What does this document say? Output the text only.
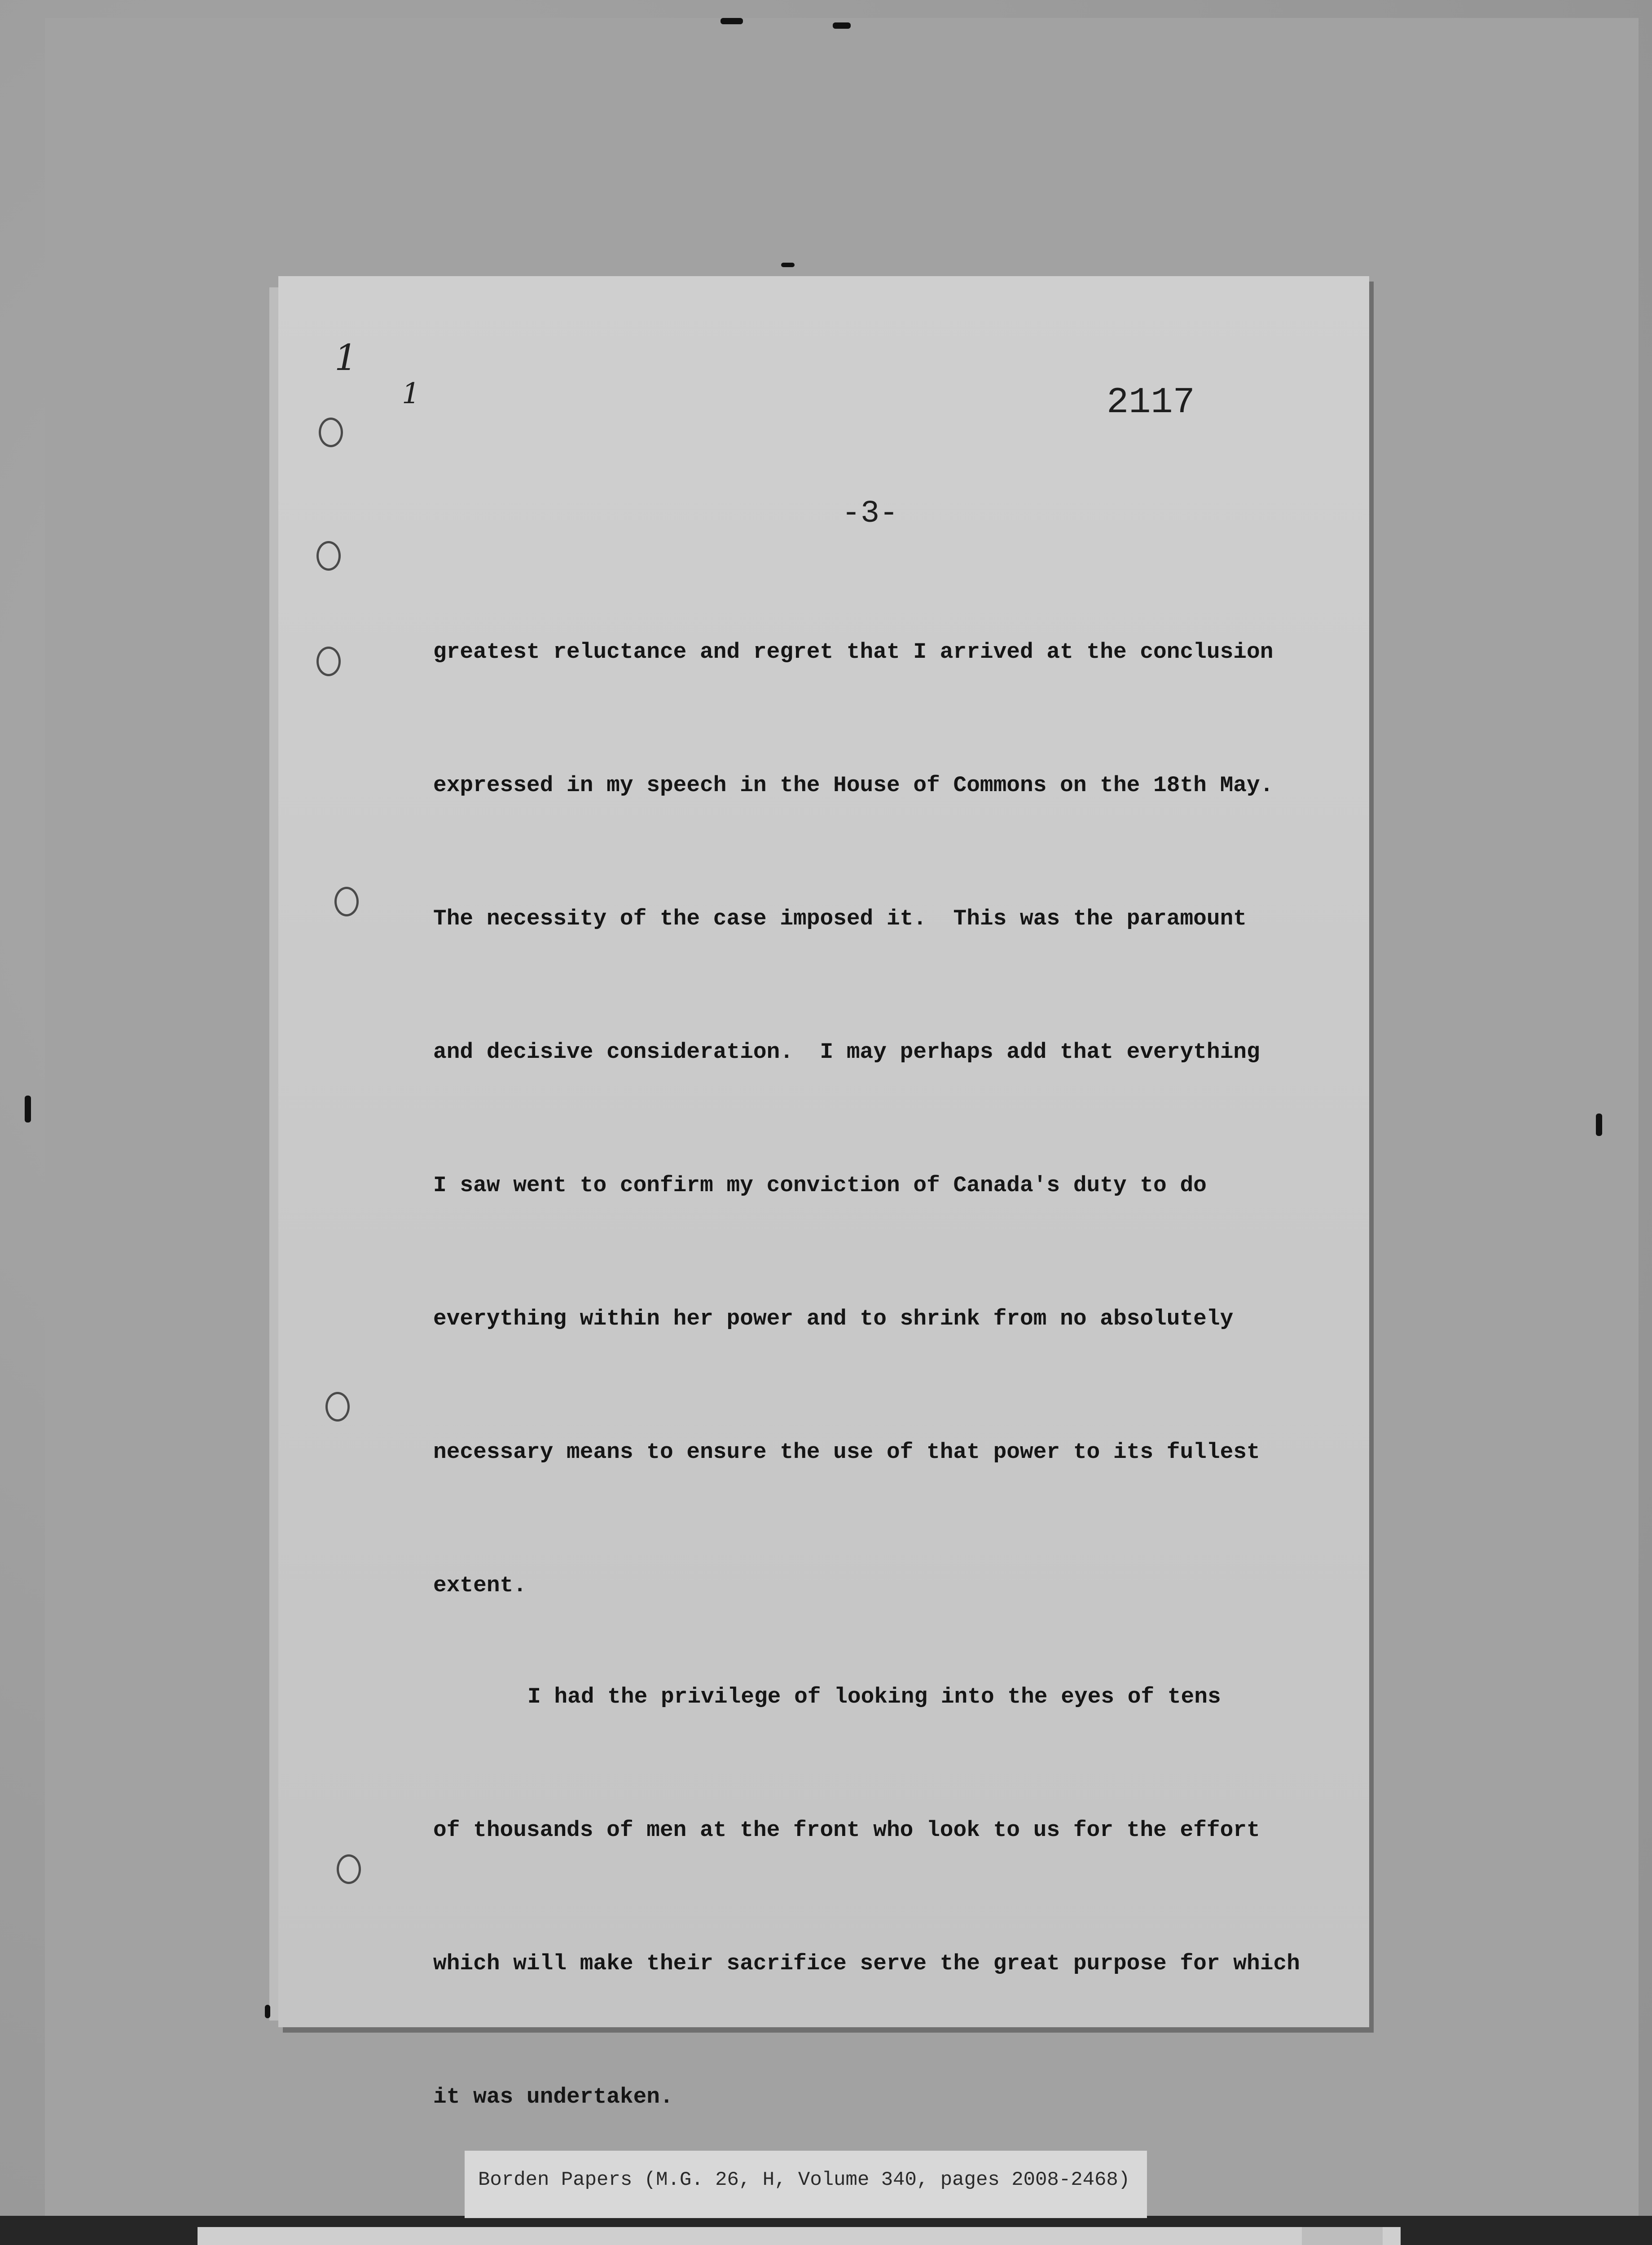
1
1	2117
-3-

greatest reluctance and regret that I arrived at the conclusion

expressed in my speech in the House of Commons on the 18th May.

The necessity of the case imposed it.  This was the paramount

and decisive consideration.  I may perhaps add that everything

I saw went to confirm my conviction of Canada's duty to do

everything within her power and to shrink from no absolutely

necessary means to ensure the use of that power to its fullest

extent.

I had the privilege of looking into the eyes of tens

of thousands of men at the front who look to us for the effort

which will make their sacrifice serve the great purpose for which

it was undertaken.

Borden Papers (M.G. 26, H, Volume 340, pages 2008-2468)
